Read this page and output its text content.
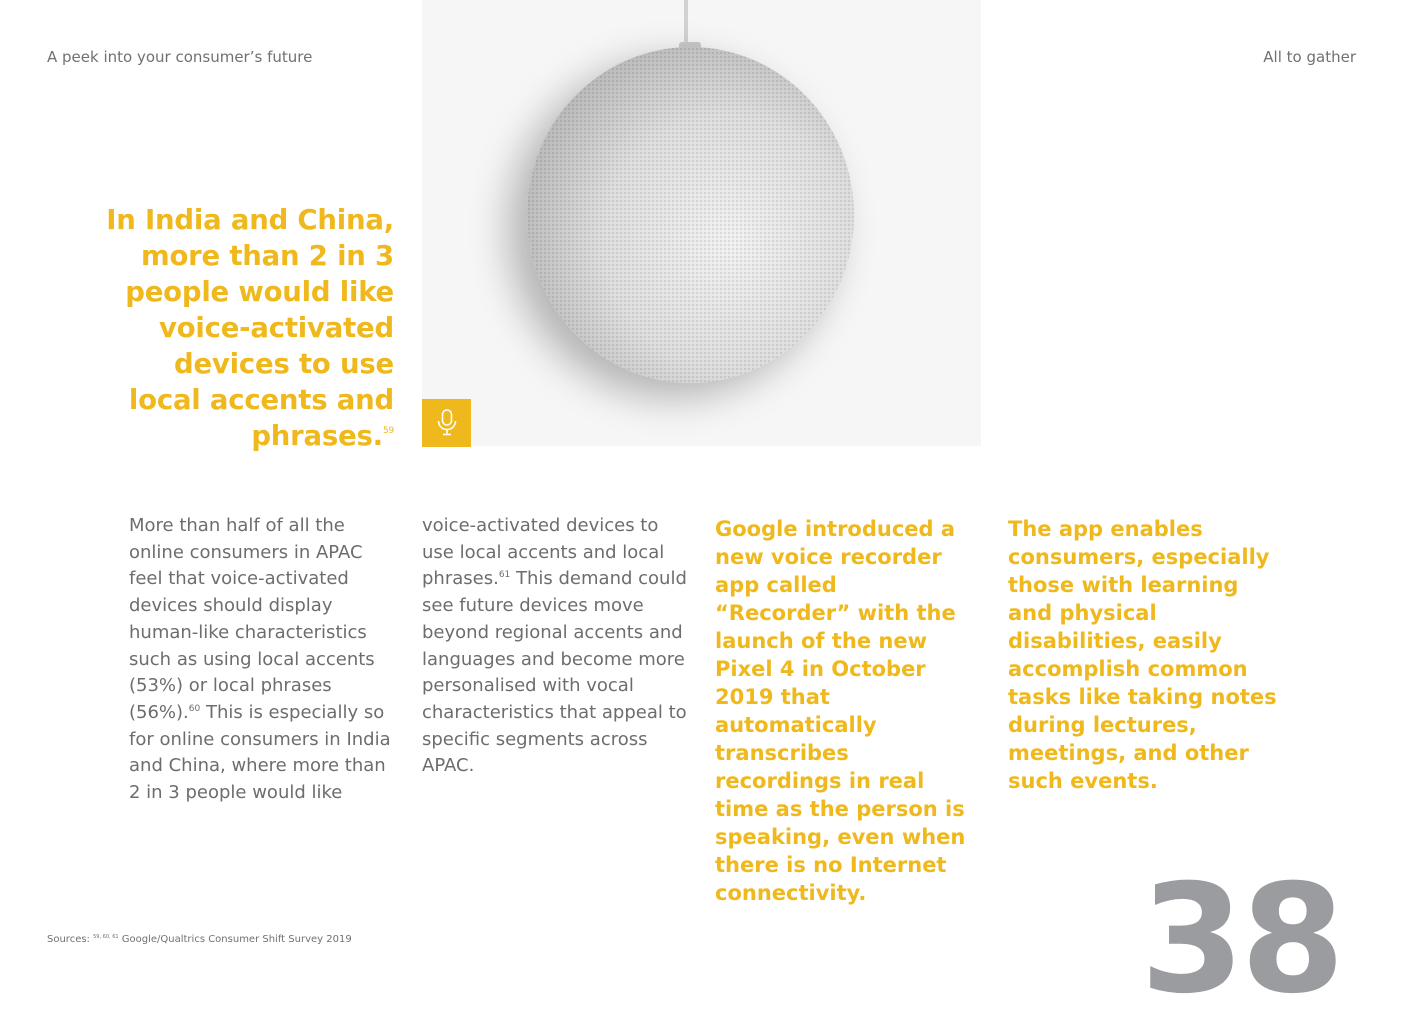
A peek into your consumer’s future	All to gather
In India and China, more than 2 in 3 people would like voice-activated devices to use local accents and phrases.$^{59}$
More than half of all the online consumers in APAC feel that voice-activated devices should display human-like characteristics such as using local accents (53%) or local phrases (56%).$^{60}$ This is especially so for online consumers in India and China, where more than 2 in 3 people would like
voice-activated devices to use local accents and local phrases.$^{61}$ This demand could see future devices move beyond regional accents and languages and become more personalised with vocal characteristics that appeal to specific segments across APAC.
Google introduced a new voice recorder app called “Recorder” with the launch of the new Pixel 4 in October 2019 that automatically transcribes recordings in real time as the person is speaking, even when there is no Internet connectivity.
The app enables consumers, especially those with learning and physical disabilities, easily accomplish common tasks like taking notes during lectures, meetings, and other such events.
Sources: $^{59, 60, 61}$ Google/Qualtrics Consumer Shift Survey 2019	38
